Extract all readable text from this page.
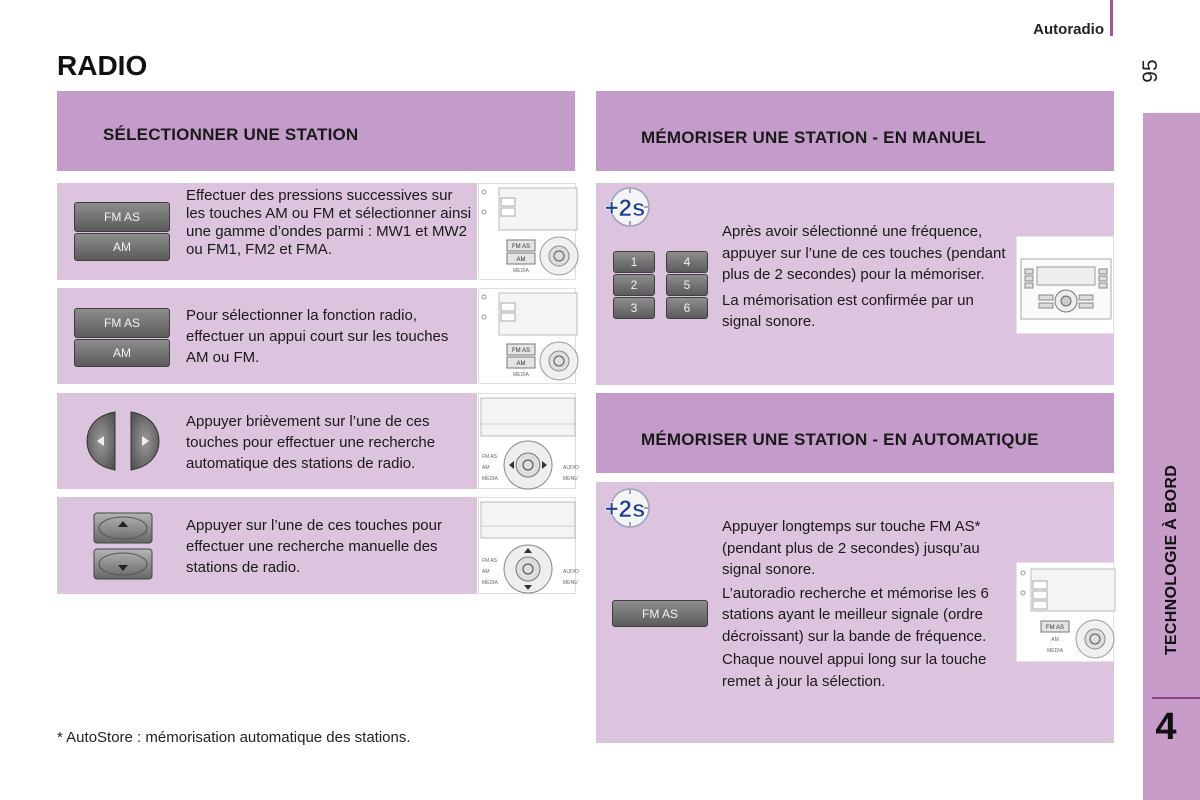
Autoradio
95
TECHNOLOGIE À BORD
4
RADIO
SÉLECTIONNER UNE STATION
FM AS
AM
Effectuer des pressions successives sur les touches AM ou FM et sélectionner ainsi une gamme d’ondes parmi : MW1 et MW2 ou FM1, FM2 et FMA.	FM AS
AM
MEDIA
FM AS
AM
Pour sélectionner la fonction radio, effectuer un appui court sur les touches AM ou FM.	FM AS
AM
MEDIA
Appuyer brièvement sur l’une de ces touches pour effectuer une recherche automatique des stations de radio.	FM AS
AM
MEDIA
AUDIO
MENU
Appuyer sur l’une de ces touches pour effectuer une recherche manuelle des stations de radio.	FM AS
AM
MEDIA
AUDIO
MENU
* AutoStore : mémorisation automatique des stations.
MÉMORISER UNE STATION - EN MANUEL
+2s
1
2
3
4
5
6

Après avoir sélectionné une fréquence, appuyer sur l’une de ces touches (pendant plus de 2 secondes) pour la mémoriser.

La mémorisation est confirmée par un signal sonore.

MÉMORISER UNE STATION - EN AUTOMATIQUE
+2s
FM AS

Appuyer longtemps sur touche FM AS* (pendant plus de 2 secondes) jusqu’au signal sonore.

L’autoradio recherche et mémorise les 6 stations ayant le meilleur signale (ordre décroissant) sur la bande de fréquence.

Chaque nouvel appui long sur la touche remet à jour la sélection.

FM AS
AM
MEDIA
